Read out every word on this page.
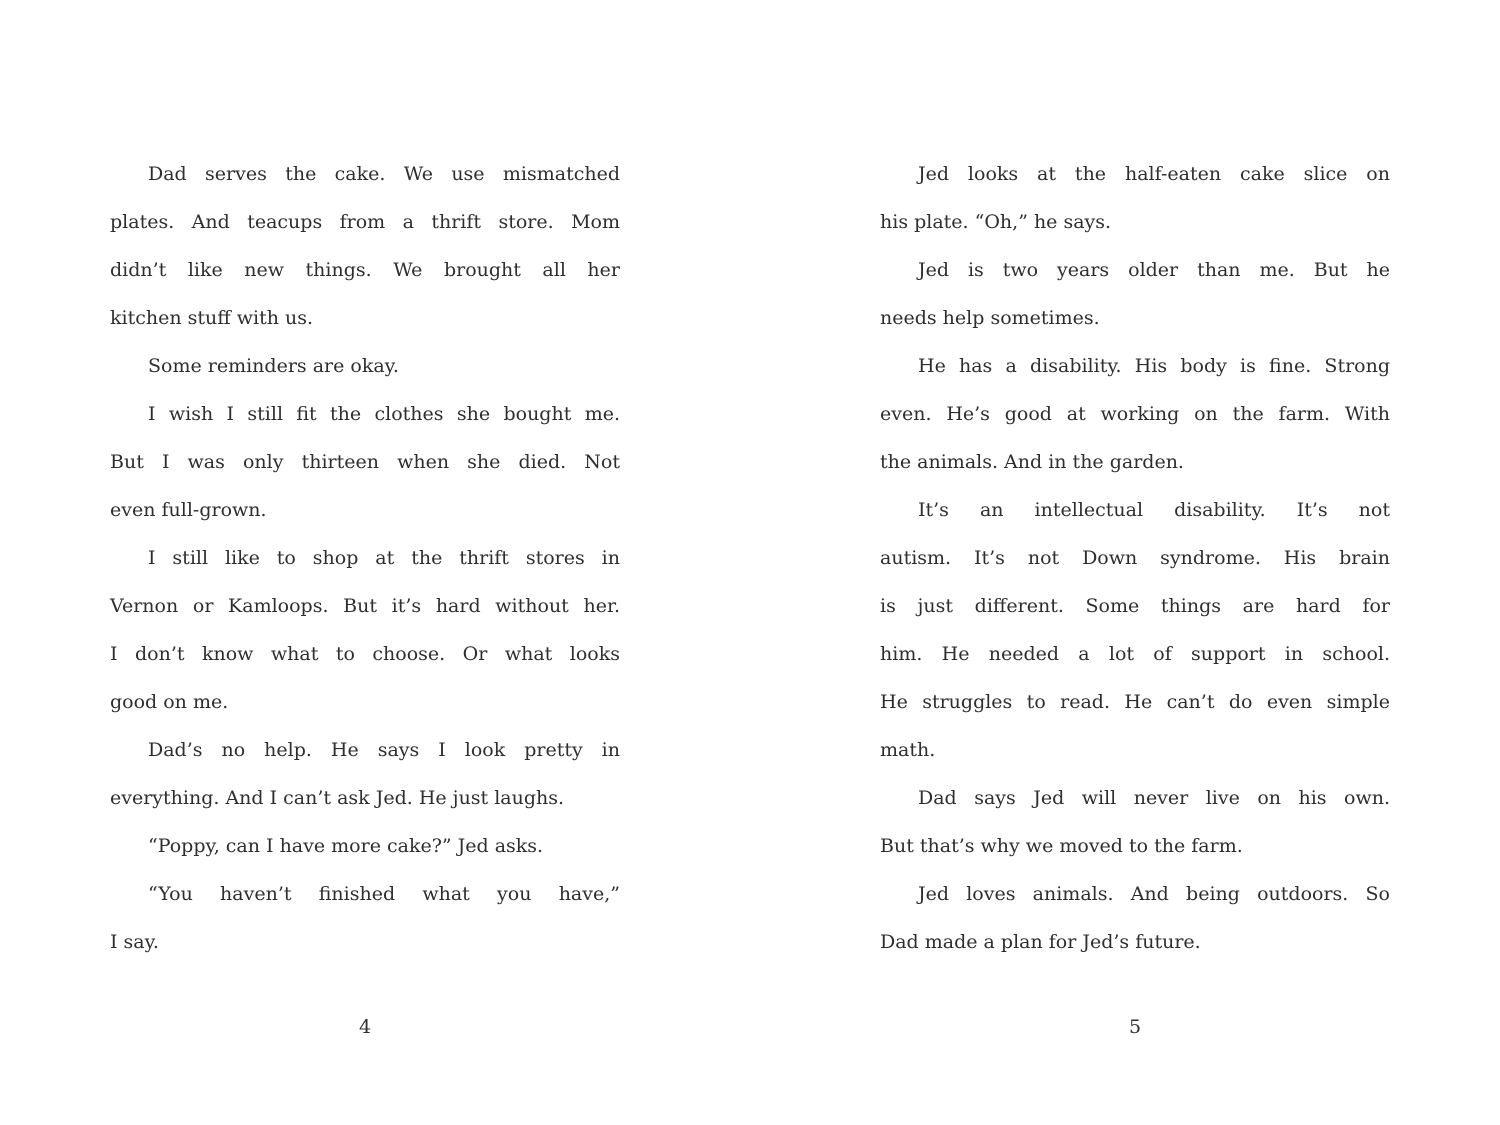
Dad serves the cake. We use mismatched
plates. And teacups from a thrift store. Mom
didn’t like new things. We brought all her
kitchen stuff with us.
Some reminders are okay.
I wish I still fit the clothes she bought me.
But I was only thirteen when she died. Not
even full-grown.
I still like to shop at the thrift stores in
Vernon or Kamloops. But it’s hard without her.
I don’t know what to choose. Or what looks
good on me.
Dad’s no help. He says I look pretty in
everything. And I can’t ask Jed. He just laughs.
“Poppy, can I have more cake?” Jed asks.
“You haven’t finished what you have,”
I say.
4
Jed looks at the half-eaten cake slice on
his plate. “Oh,” he says.
Jed is two years older than me. But he
needs help sometimes.
He has a disability. His body is fine. Strong
even. He’s good at working on the farm. With
the animals. And in the garden.
It’s an intellectual disability. It’s not
autism. It’s not Down syndrome. His brain
is just different. Some things are hard for
him. He needed a lot of support in school.
He struggles to read. He can’t do even simple
math.
Dad says Jed will never live on his own.
But that’s why we moved to the farm.
Jed loves animals. And being outdoors. So
Dad made a plan for Jed’s future.
5
